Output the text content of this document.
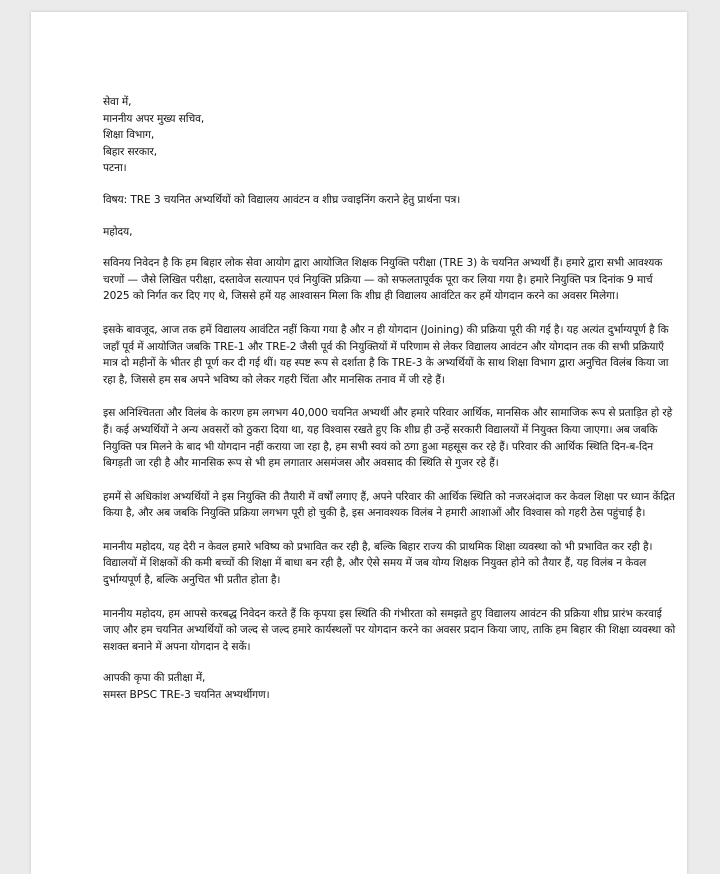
सेवा में,
माननीय अपर मुख्य सचिव,
शिक्षा विभाग,
बिहार सरकार,
पटना।
विषय: TRE 3 चयनित अभ्यर्थियों को विद्यालय आवंटन व शीघ्र ज्वाइनिंग कराने हेतु प्रार्थना पत्र।

महोदय,

सविनय निवेदन है कि हम बिहार लोक सेवा आयोग द्वारा आयोजित शिक्षक नियुक्ति परीक्षा (TRE 3) के चयनित अभ्यर्थी हैं। हमारे द्वारा सभी आवश्यक चरणों — जैसे लिखित परीक्षा, दस्तावेज सत्यापन एवं नियुक्ति प्रक्रिया — को सफलतापूर्वक पूरा कर लिया गया है। हमारे नियुक्ति पत्र दिनांक 9 मार्च 2025 को निर्गत कर दिए गए थे, जिससे हमें यह आश्वासन मिला कि शीघ्र ही विद्यालय आवंटित कर हमें योगदान करने का अवसर मिलेगा।

इसके बावजूद, आज तक हमें विद्यालय आवंटित नहीं किया गया है और न ही योगदान (Joining) की प्रक्रिया पूरी की गई है। यह अत्यंत दुर्भाग्यपूर्ण है कि जहाँ पूर्व में आयोजित जबकि TRE-1 और TRE-2 जैसी पूर्व की नियुक्तियों में परिणाम से लेकर विद्यालय आवंटन और योगदान तक की सभी प्रक्रियाएँ मात्र दो महीनों के भीतर ही पूर्ण कर दी गई थीं। यह स्पष्ट रूप से दर्शाता है कि TRE-3 के अभ्यर्थियों के साथ शिक्षा विभाग द्वारा अनुचित विलंब किया जा रहा है, जिससे हम सब अपने भविष्य को लेकर गहरी चिंता और मानसिक तनाव में जी रहे हैं।

इस अनिश्चितता और विलंब के कारण हम लगभग 40,000 चयनित अभ्यर्थी और हमारे परिवार आर्थिक, मानसिक और सामाजिक रूप से प्रताड़ित हो रहे हैं। कई अभ्यर्थियों ने अन्य अवसरों को ठुकरा दिया था, यह विश्वास रखते हुए कि शीघ्र ही उन्हें सरकारी विद्यालयों में नियुक्त किया जाएगा। अब जबकि नियुक्ति पत्र मिलने के बाद भी योगदान नहीं कराया जा रहा है, हम सभी स्वयं को ठगा हुआ महसूस कर रहे हैं। परिवार की आर्थिक स्थिति दिन-ब-दिन बिगड़ती जा रही है और मानसिक रूप से भी हम लगातार असमंजस और अवसाद की स्थिति से गुजर रहे हैं।

हममें से अधिकांश अभ्यर्थियों ने इस नियुक्ति की तैयारी में वर्षों लगाए हैं, अपने परिवार की आर्थिक स्थिति को नजरअंदाज कर केवल शिक्षा पर ध्यान केंद्रित किया है, और अब जबकि नियुक्ति प्रक्रिया लगभग पूरी हो चुकी है, इस अनावश्यक विलंब ने हमारी आशाओं और विश्वास को गहरी ठेस पहुंचाई है।

माननीय महोदय, यह देरी न केवल हमारे भविष्य को प्रभावित कर रही है, बल्कि बिहार राज्य की प्राथमिक शिक्षा व्यवस्था को भी प्रभावित कर रही है। विद्यालयों में शिक्षकों की कमी बच्चों की शिक्षा में बाधा बन रही है, और ऐसे समय में जब योग्य शिक्षक नियुक्त होने को तैयार हैं, यह विलंब न केवल दुर्भाग्यपूर्ण है, बल्कि अनुचित भी प्रतीत होता है।

माननीय महोदय, हम आपसे करबद्ध निवेदन करते हैं कि कृपया इस स्थिति की गंभीरता को समझते हुए विद्यालय आवंटन की प्रक्रिया शीघ्र प्रारंभ करवाई जाए और हम चयनित अभ्यर्थियों को जल्द से जल्द हमारे कार्यस्थलों पर योगदान करने का अवसर प्रदान किया जाए, ताकि हम बिहार की शिक्षा व्यवस्था को सशक्त बनाने में अपना योगदान दे सकें।

आपकी कृपा की प्रतीक्षा में,
समस्त BPSC TRE-3 चयनित अभ्यर्थीगण।
